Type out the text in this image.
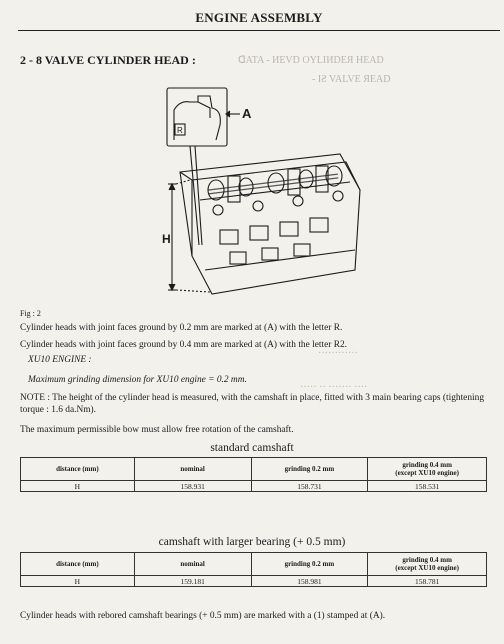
ENGINE ASSEMBLY
2 - 8 VALVE CYLINDER HEAD :	ᗡATA - ИЕVD ОҮLIИDEЯ HEAD
- IƧ VALVE ЯEAD
············
····· ·· ······· ····
A
R
H
Fig : 2
Cylinder heads with joint faces ground by 0.2 mm are marked at (A) with the letter R.
Cylinder heads with joint faces ground by 0.4 mm are marked at (A) with the letter R2.
XU10 ENGINE :
Maximum grinding dimension for XU10 engine = 0.2 mm.
NOTE : The height of the cylinder head is measured, with the camshaft in place, fitted with 3 main bearing caps (tightening torque : 1.6 da.Nm).
The maximum permissible bow must allow free rotation of the camshaft.
standard camshaft
distance (mm)	nominal	grinding 0.2 mm	grinding 0.4 mm
(except XU10 engine)
H	158.931	158.731	158.531
camshaft with larger bearing (+ 0.5 mm)
distance (mm)	nominal	grinding 0.2 mm	grinding 0.4 mm
(except XU10 engine)
H	159.181	158.981	158.781
Cylinder heads with rebored camshaft bearings (+ 0.5 mm) are marked with a (1) stamped at (A).
